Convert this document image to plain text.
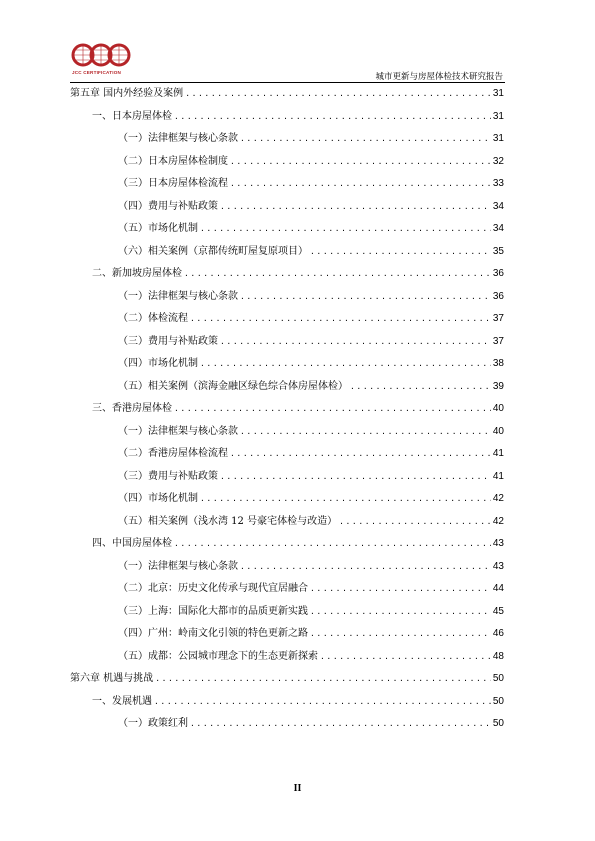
JCC CERTIFICATION	城市更新与房屋体检技术研究报告
第五章 国内外经验及案例 .....	31
一、日本房屋体检 .....	31
（一）法律框架与核心条款 .....	31
（二）日本房屋体检制度 .....	32
（三）日本房屋体检流程 .....	33
（四）费用与补贴政策 .....	34
（五）市场化机制 .....	34
（六）相关案例（京都传统町屋复原项目） .....	35
二、新加坡房屋体检 .....	36
（一）法律框架与核心条款 .....	36
（二）体检流程 .....	37
（三）费用与补贴政策 .....	37
（四）市场化机制 .....	38
（五）相关案例（滨海金融区绿色综合体房屋体检） .....	39
三、香港房屋体检 .....	40
（一）法律框架与核心条款 .....	40
（二）香港房屋体检流程 .....	41
（三）费用与补贴政策 .....	41
（四）市场化机制 .....	42
（五）相关案例（浅水湾 12 号豪宅体检与改造） .....	42
四、中国房屋体检 .....	43
（一）法律框架与核心条款 .....	43
（二）北京：历史文化传承与现代宜居融合 .....	44
（三）上海：国际化大都市的品质更新实践 .....	45
（四）广州：岭南文化引领的特色更新之路 .....	46
（五）成都：公园城市理念下的生态更新探索 .....	48
第六章 机遇与挑战 .....	50
一、发展机遇 .....	50
（一）政策红利 .....	50
II
